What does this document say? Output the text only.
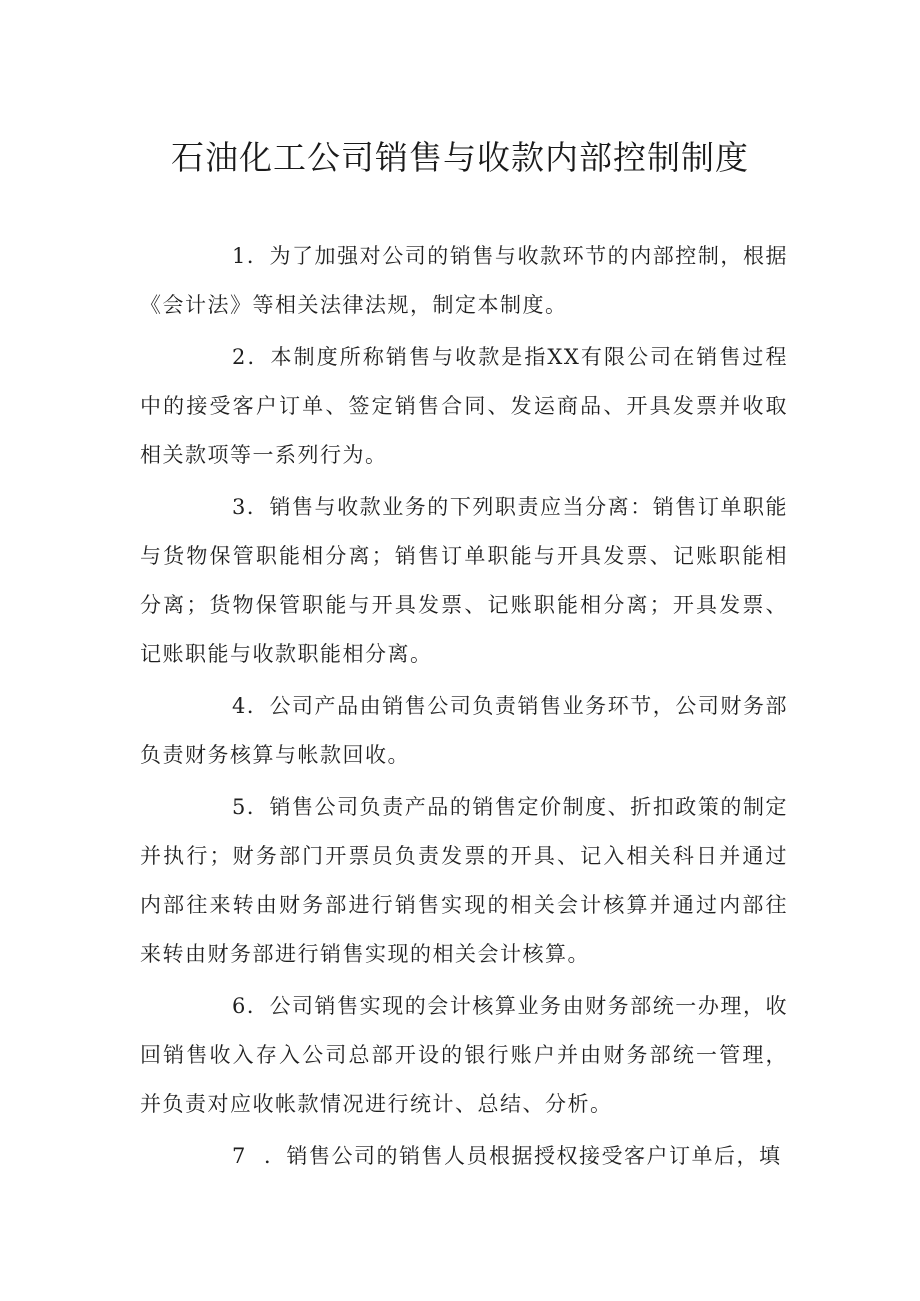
石油化工公司销售与收款内部控制制度

1．为了加强对公司的销售与收款环节的内部控制，根据《会计法》等相关法律法规，制定本制度。

2．本制度所称销售与收款是指XX有限公司在销售过程中的接受客户订单、签定销售合同、发运商品、开具发票并收取相关款项等一系列行为。

3．销售与收款业务的下列职责应当分离：销售订单职能与货物保管职能相分离；销售订单职能与开具发票、记账职能相分离；货物保管职能与开具发票、记账职能相分离；开具发票、记账职能与收款职能相分离。

4．公司产品由销售公司负责销售业务环节，公司财务部负责财务核算与帐款回收。

5．销售公司负责产品的销售定价制度、折扣政策的制定并执行；财务部门开票员负责发票的开具、记入相关科日并通过内部往来转由财务部进行销售实现的相关会计核算并通过内部往来转由财务部进行销售实现的相关会计核算。

6．公司销售实现的会计核算业务由财务部统一办理，收回销售收入存入公司总部开设的银行账户并由财务部统一管理，并负责对应收帐款情况进行统计、总结、分析。

7 ．销售公司的销售人员根据授权接受客户订单后，填
